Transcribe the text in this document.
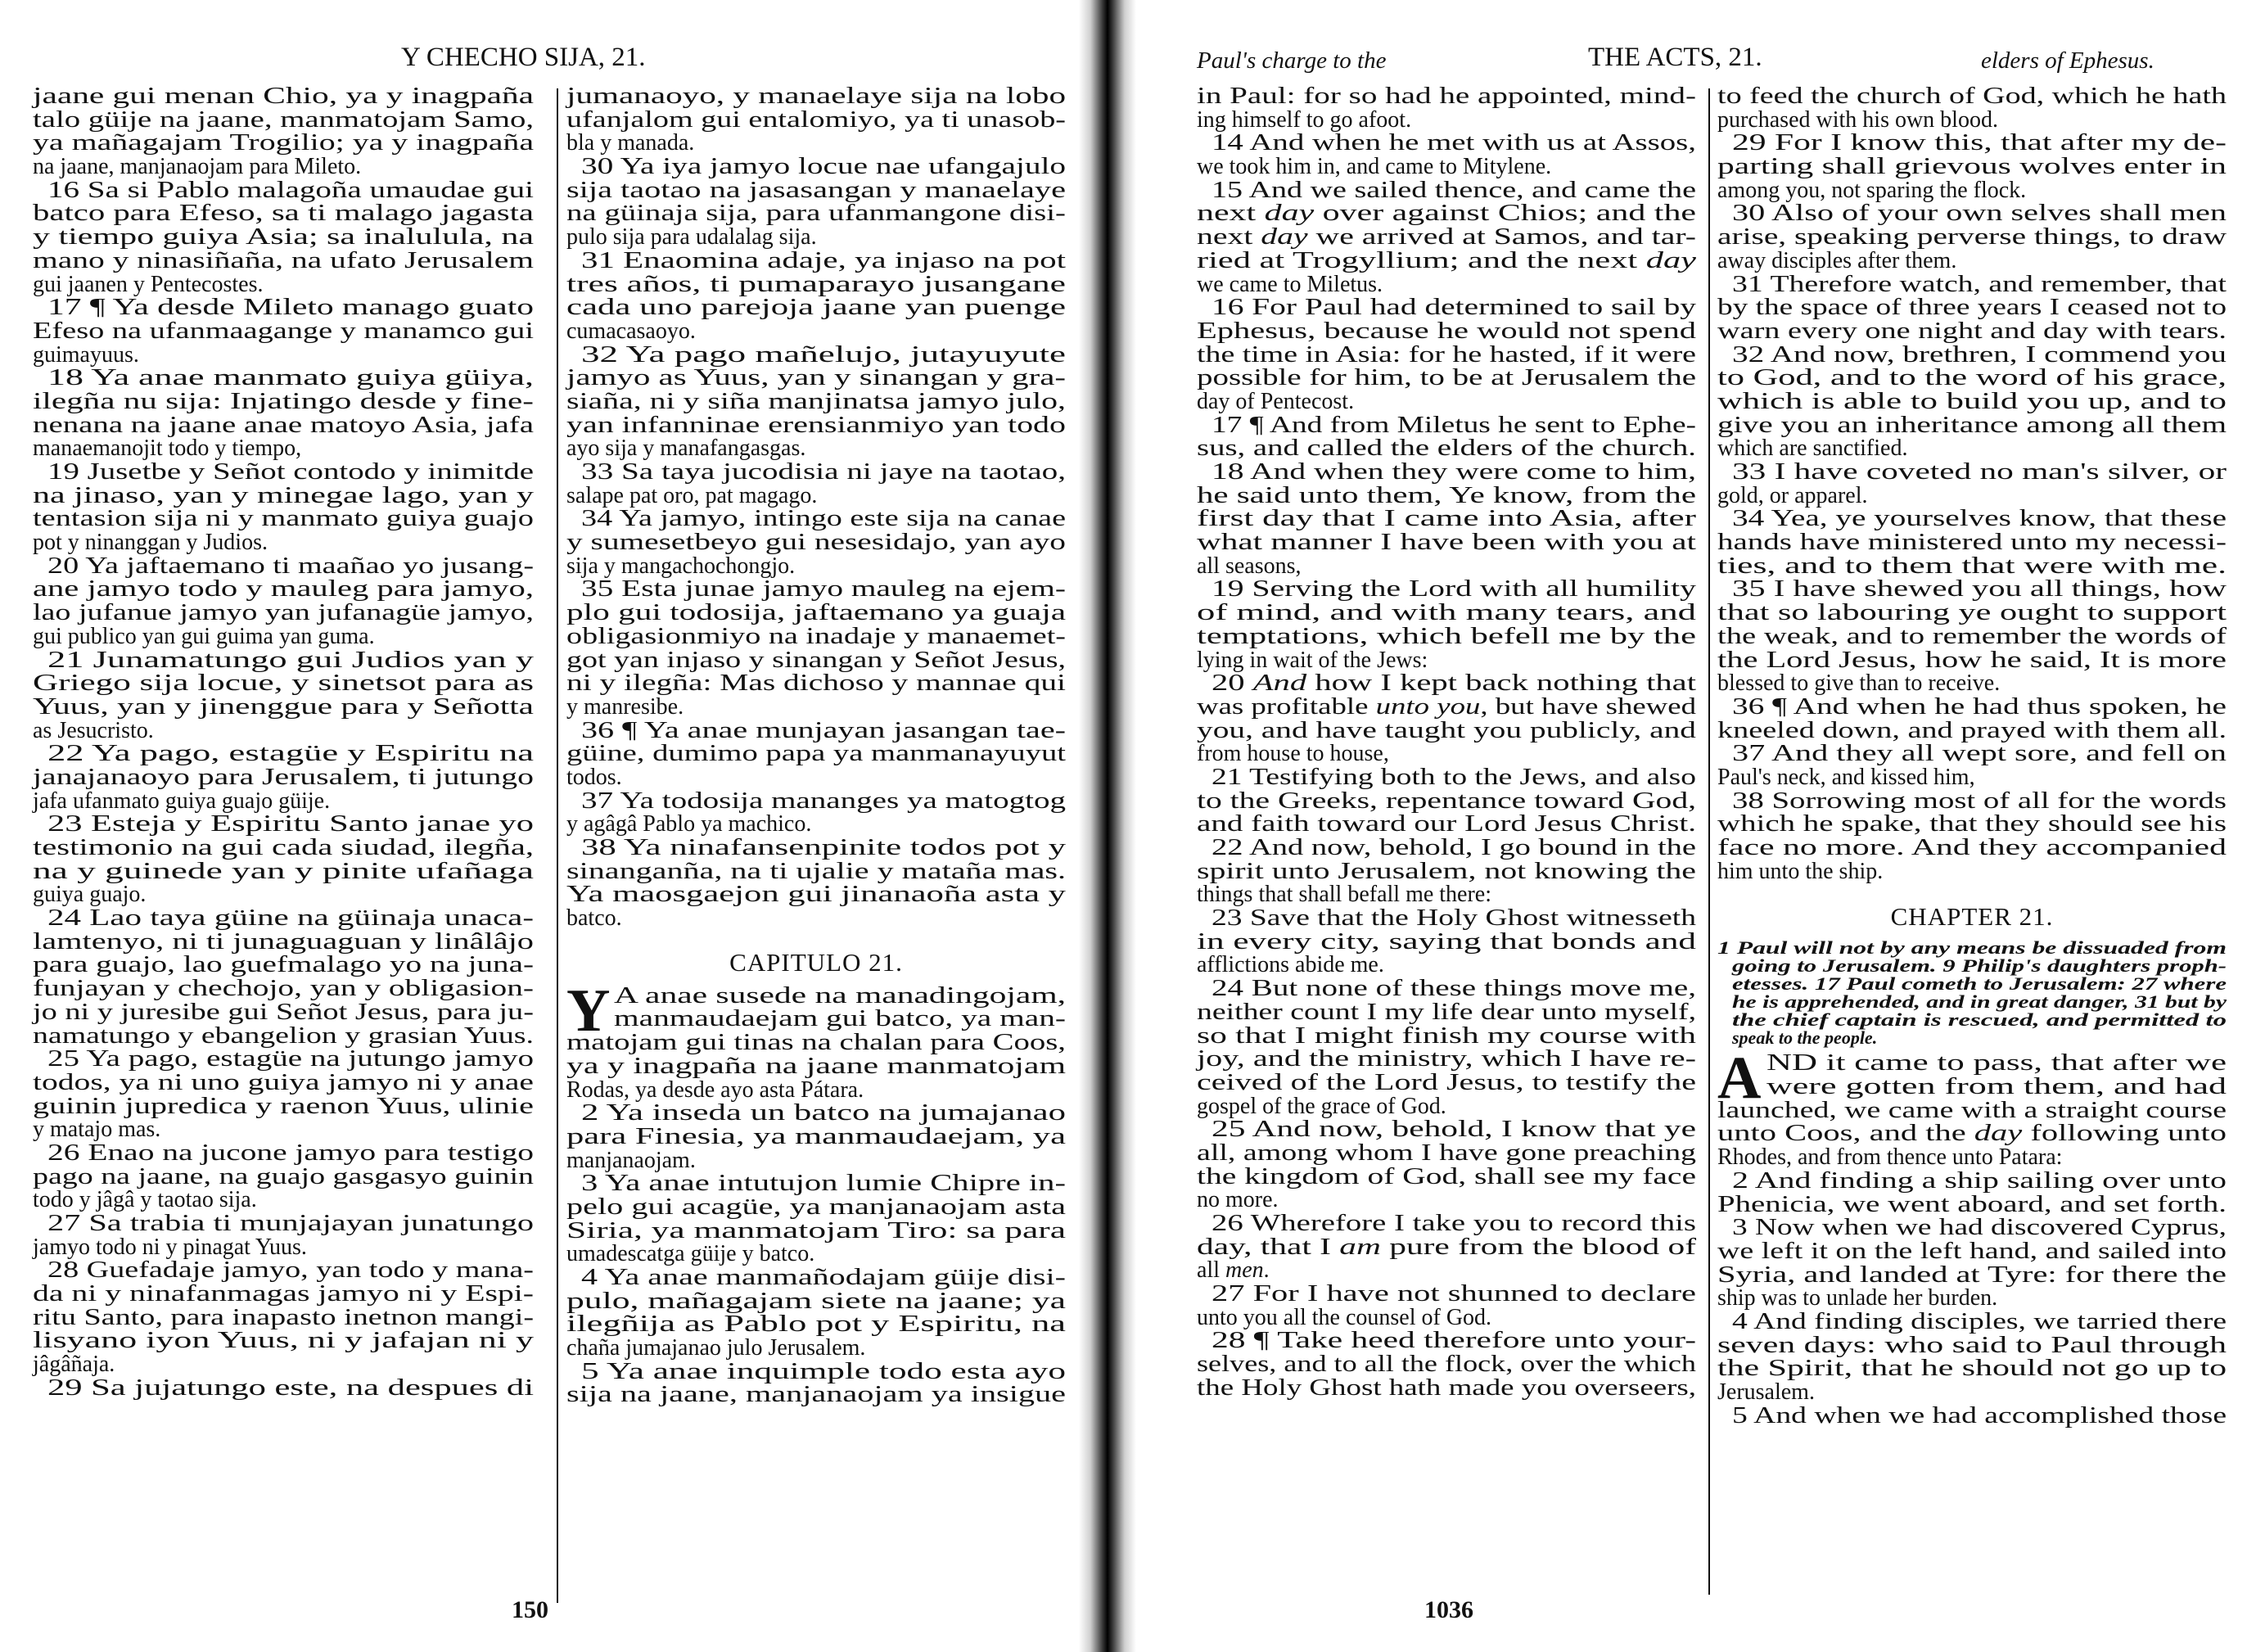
Y CHECHO SIJA, 21.
jaane gui menan Chio, ya y inagpaña
talo güije na jaane, manmatojam Samo,
ya mañagajam Trogilio; ya y inagpaña
na jaane, manjanaojam para Mileto.
16 Sa si Pablo malagoña umaudae gui
batco para Efeso, sa ti malago jagasta
y tiempo guiya Asia; sa inalulula, na
mano y ninasiñaña, na ufato Jerusalem
gui jaanen y Pentecostes.
17 ¶ Ya desde Mileto manago guato
Efeso na ufanmaagange y manamco gui
guimayuus.
18 Ya anae manmato guiya güiya,
ilegña nu sija: Injatingo desde y fine-
nenana na jaane anae matoyo Asia, jafa
manaemanojit todo y tiempo,
19 Jusetbe y Señot contodo y inimitde
na jinaso, yan y minegae lago, yan y
tentasion sija ni y manmato guiya guajo
pot y ninanggan y Judios.
20 Ya jaftaemano ti maañao yo jusang-
ane jamyo todo y mauleg para jamyo,
lao jufanue jamyo yan jufanagüe jamyo,
gui publico yan gui guima yan guma.
21 Junamatungo gui Judios yan y
Griego sija locue, y sinetsot para as
Yuus, yan y jinenggue para y Señotta
as Jesucristo.
22 Ya pago, estagüe y Espiritu na
janajanaoyo para Jerusalem, ti jutungo
jafa ufanmato guiya guajo güije.
23 Esteja y Espiritu Santo janae yo
testimonio na gui cada siudad, ilegña,
na y guinede yan y pinite ufañaga
guiya guajo.
24 Lao taya güine na güinaja unaca-
lamtenyo, ni ti junaguaguan y linâlâjo
para guajo, lao guefmalago yo na juna-
funjayan y chechojo, yan y obligasion-
jo ni y juresibe gui Señot Jesus, para ju-
namatungo y ebangelion y grasian Yuus.
25 Ya pago, estagüe na jutungo jamyo
todos, ya ni uno guiya jamyo ni y anae
guinin jupredica y raenon Yuus, ulinie
y matajo mas.
26 Enao na jucone jamyo para testigo
pago na jaane, na guajo gasgasyo guinin
todo y jâgâ y taotao sija.
27 Sa trabia ti munjajayan junatungo
jamyo todo ni y pinagat Yuus.
28 Guefadaje jamyo, yan todo y mana-
da ni y ninafanmagas jamyo ni y Espi-
ritu Santo, para inapasto inetnon mangi-
lisyano iyon Yuus, ni y jafajan ni y
jâgâñaja.
29 Sa jujatungo este, na despues di
jumanaoyo, y manaelaye sija na lobo
ufanjalom gui entalomiyo, ya ti unasob-
bla y manada.
30 Ya iya jamyo locue nae ufangajulo
sija taotao na jasasangan y manaelaye
na güinaja sija, para ufanmangone disi-
pulo sija para udalalag sija.
31 Enaomina adaje, ya injaso na pot
tres años, ti pumaparayo jusangane
cada uno parejoja jaane yan puenge
cumacasaoyo.
32 Ya pago mañelujo, jutayuyute
jamyo as Yuus, yan y sinangan y gra-
siaña, ni y siña manjinatsa jamyo julo,
yan infanninae erensianmiyo yan todo
ayo sija y manafangasgas.
33 Sa taya jucodisia ni jaye na taotao,
salape pat oro, pat magago.
34 Ya jamyo, intingo este sija na canae
y sumesetbeyo gui nesesidajo, yan ayo
sija y mangachochongjo.
35 Esta junae jamyo mauleg na ejem-
plo gui todosija, jaftaemano ya guaja
obligasionmiyo na inadaje y manaemet-
got yan injaso y sinangan y Señot Jesus,
ni y ilegña: Mas dichoso y mannae qui
y manresibe.
36 ¶ Ya anae munjayan jasangan tae-
güine, dumimo papa ya manmanayuyut
todos.
37 Ya todosija mananges ya matogtog
y agâgâ Pablo ya machico.
38 Ya ninafansenpinite todos pot y
sinanganña, na ti ujalie y mataña mas.
Ya maosgaejon gui jinanaoña asta y
batco.
CAPITULO 21.
Y A anae susede na manadingojam,
manmaudaejam gui batco, ya man-
matojam gui tinas na chalan para Coos,
ya y inagpaña na jaane manmatojam
Rodas, ya desde ayo asta Pátara.
2 Ya inseda un batco na jumajanao
para Finesia, ya manmaudaejam, ya
manjanaojam.
3 Ya anae intutujon lumie Chipre in-
pelo gui acagüe, ya manjanaojam asta
Siria, ya manmatojam Tiro: sa para
umadescatga güije y batco.
4 Ya anae manmañodajam güije disi-
pulo, mañagajam siete na jaane; ya
ilegñija as Pablo pot y Espiritu, na
chaña jumajanao julo Jerusalem.
5 Ya anae inquimple todo esta ayo
sija na jaane, manjanaojam ya insigue
150
Paul's charge to the	THE ACTS, 21.	elders of Ephesus.
in Paul: for so had he appointed, mind-
ing himself to go afoot.
14 And when he met with us at Assos,
we took him in, and came to Mitylene.
15 And we sailed thence, and came the
next day over against Chios; and the
next day we arrived at Samos, and tar-
ried at Trogyllium; and the next day
we came to Miletus.
16 For Paul had determined to sail by
Ephesus, because he would not spend
the time in Asia: for he hasted, if it were
possible for him, to be at Jerusalem the
day of Pentecost.
17 ¶ And from Miletus he sent to Ephe-
sus, and called the elders of the church.
18 And when they were come to him,
he said unto them, Ye know, from the
first day that I came into Asia, after
what manner I have been with you at
all seasons,
19 Serving the Lord with all humility
of mind, and with many tears, and
temptations, which befell me by the
lying in wait of the Jews:
20 And how I kept back nothing that
was profitable unto you, but have shewed
you, and have taught you publicly, and
from house to house,
21 Testifying both to the Jews, and also
to the Greeks, repentance toward God,
and faith toward our Lord Jesus Christ.
22 And now, behold, I go bound in the
spirit unto Jerusalem, not knowing the
things that shall befall me there:
23 Save that the Holy Ghost witnesseth
in every city, saying that bonds and
afflictions abide me.
24 But none of these things move me,
neither count I my life dear unto myself,
so that I might finish my course with
joy, and the ministry, which I have re-
ceived of the Lord Jesus, to testify the
gospel of the grace of God.
25 And now, behold, I know that ye
all, among whom I have gone preaching
the kingdom of God, shall see my face
no more.
26 Wherefore I take you to record this
day, that I am pure from the blood of
all men.
27 For I have not shunned to declare
unto you all the counsel of God.
28 ¶ Take heed therefore unto your-
selves, and to all the flock, over the which
the Holy Ghost hath made you overseers,
to feed the church of God, which he hath
purchased with his own blood.
29 For I know this, that after my de-
parting shall grievous wolves enter in
among you, not sparing the flock.
30 Also of your own selves shall men
arise, speaking perverse things, to draw
away disciples after them.
31 Therefore watch, and remember, that
by the space of three years I ceased not to
warn every one night and day with tears.
32 And now, brethren, I commend you
to God, and to the word of his grace,
which is able to build you up, and to
give you an inheritance among all them
which are sanctified.
33 I have coveted no man's silver, or
gold, or apparel.
34 Yea, ye yourselves know, that these
hands have ministered unto my necessi-
ties, and to them that were with me.
35 I have shewed you all things, how
that so labouring ye ought to support
the weak, and to remember the words of
the Lord Jesus, how he said, It is more
blessed to give than to receive.
36 ¶ And when he had thus spoken, he
kneeled down, and prayed with them all.
37 And they all wept sore, and fell on
Paul's neck, and kissed him,
38 Sorrowing most of all for the words
which he spake, that they should see his
face no more. And they accompanied
him unto the ship.
CHAPTER 21.
1 Paul will not by any means be dissuaded from
going to Jerusalem. 9 Philip's daughters proph-
etesses. 17 Paul cometh to Jerusalem: 27 where
he is apprehended, and in great danger, 31 but by
the chief captain is rescued, and permitted to
speak to the people.
A ND it came to pass, that after we
were gotten from them, and had
launched, we came with a straight course
unto Coos, and the day following unto
Rhodes, and from thence unto Patara:
2 And finding a ship sailing over unto
Phenicia, we went aboard, and set forth.
3 Now when we had discovered Cyprus,
we left it on the left hand, and sailed into
Syria, and landed at Tyre: for there the
ship was to unlade her burden.
4 And finding disciples, we tarried there
seven days: who said to Paul through
the Spirit, that he should not go up to
Jerusalem.
5 And when we had accomplished those
1036
